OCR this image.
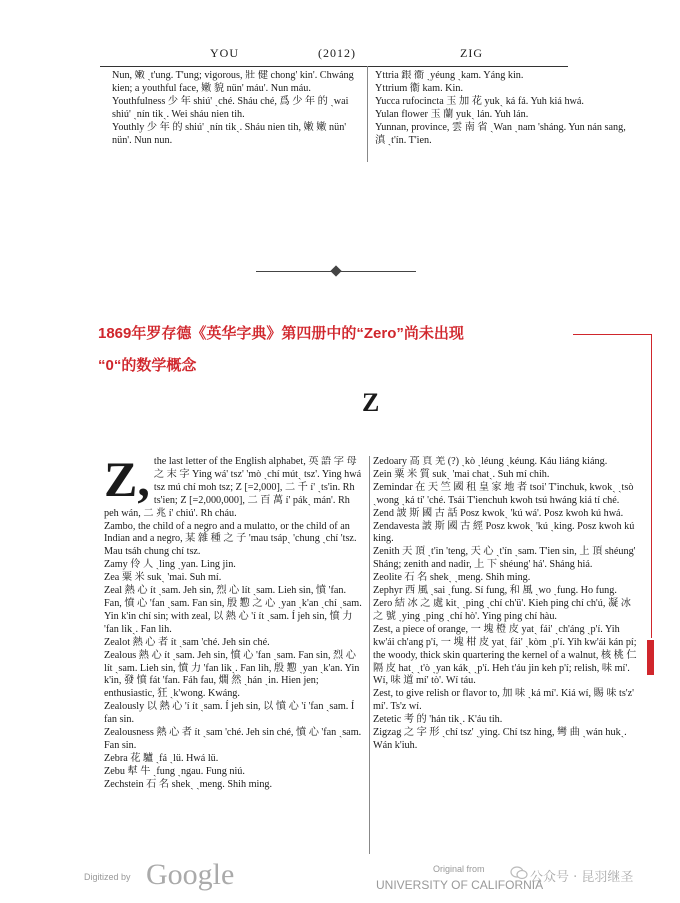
YOU	(2012)	ZIG

Nun, 嫩 ˏt'ung. T'ung; vigorous, 壯 健 chong' kin'. Chwáng kien; a youthful face, 嫩 貌 nün' máu'. Nun máu.

Youthfulness 少 年 shiú' ˏché. Sháu ché, 爲 少 年 的 ˏwai shiú' ˏnín tikˎ. Wei sháu nien tih.

Youthly 少 年 的 shiú' ˏnín tikˎ. Sháu nien tih, 嫩 嫩 nün' nün'. Nun nun.

Yttria 銀 衞 ˏyéung ˏkam. Yáng kin.

Yttrium 衞 kam. Kin.

Yucca rufocincta 玉 加 花 yukˎ ká fá. Yuh kiá hwá.

Yulan flower 玉 蘭 yukˎ lán. Yuh lán.

Yunnan, province, 雲 南 省 ˏWan ˏnam 'sháng. Yun nán sang, 滇 ˏt'ín. T'ien.

1869年罗存德《英华字典》第四册中的“Zero”尚未出现
“0“的数学概念
Z

Z, the last letter of the English alphabet, 英 語 字 母 之 末 字 Ying wá' tsz' 'mò ˏchí mútˎ tsz'. Ying hwá tsz mú chí moh tsz; Z [=2,000], 二 千 í' ˏts'in. Rh ts'ien; Z [=2,000,000], 二 百 萬 í' pákˎ mán'. Rh peh wán, 二 兆 í' chiú'. Rh cháu.

Zambo, the child of a negro and a mulatto, or the child of an Indian and a negro, 某 雜 種 之 子 'mau tsápˎ 'chung ˏchí 'tsz. Mau tsáh chung chí tsz.

Zamy 伶 人 ˏling ˏyan. Ling jin.

Zea 粟 米 sukˎ 'mai. Suh mí.

Zeal 熱 心 ít ˏsam. Jeh sin, 烈 心 lít ˏsam. Lieh sin, 憤 'fan. Fan, 憤 心 'fan ˏsam. Fan sin, 殷 懃 之 心 ˏyan ˏk'an ˏchí ˏsam. Yin k'in chí sin; with zeal, 以 熱 心 'í ít ˏsam. Í jeh sin, 憤 力 'fan likˎ. Fan lih.

Zealot 熱 心 者 ít ˏsam 'ché. Jeh sin ché.

Zealous 熱 心 ít ˏsam. Jeh sin, 憤 心 'fan ˏsam. Fan sin, 烈 心 lít ˏsam. Lieh sin, 憤 力 'fan likˎ. Fan lih, 殷 懃 ˏyan ˏk'an. Yin k'in, 發 憤 fát 'fan. Fáh fau, 燗 然 ˏhán ˏin. Hien jen; enthusiastic, 狂 ˏk'wong. Kwáng.

Zealously 以 熱 心 'í ít ˏsam. Í jeh sin, 以 憤 心 'í 'fan ˏsam. Í fan sin.

Zealousness 熱 心 者 ít ˏsam 'ché. Jeh sin ché, 憤 心 'fan ˏsam. Fan sin.

Zebra 花 驢 ˏfá ˏlü. Hwá lü.

Zebu 犎 牛 ˏfung ˏngau. Fung niú.

Zechstein 石 名 shekˎ ˏmeng. Shih ming.

Zedoary 高 頁 羌 (?) ˏkò ˏléung ˏkéung. Káu liáng kiáng.

Zein 粟 米 質 sukˎ 'mai chatˎ. Suh mí chih.

Zemindar 在 天 竺 國 租 皇 家 地 者 tsoi' T'inchuk, kwokˎ ˏtsò ˏwong ˏká tí' 'ché. Tsái T'ienchuh kwoh tsú hwáng kiá tí ché.

Zend 詖 斯 國 古 話 Posz kwokˎ 'kú wá'. Posz kwoh kú hwá.

Zendavesta 詖 斯 國 古 經 Posz kwokˎ 'kú ˏking. Posz kwoh kú king.

Zenith 天 頂 ˏt'in 'teng, 天 心 ˏt'ín ˏsam. T'ien sin, 上 頂 shéung' Sháng; zenith and nadir, 上 下 shéung' há'. Sháng hiá.

Zeolite 石 名 shekˎ ˏmeng. Shih ming.

Zephyr 西 風 ˏsai ˏfung. Sí fung, 和 風 ˏwo ˏfung. Ho fung.

Zero 結 冰 之 處 kitˎ ˏping ˏchí ch'ü'. Kieh ping chí ch'ú, 凝 冰 之 號 ˏying ˏping ˏchí hò'. Ying ping chí hàu.

Zest, a piece of orange, 一 塊 橙 皮 yatˎ fái' ˏch'áng ˏp'í. Yih kw'ái ch'ang p'í, 一 塊 柑 皮 yatˎ fái' ˏkòm ˏp'í. Yih kw'ái kán pí; the woody, thick skin quartering the kernel of a walnut, 核 桃 仁 隔 皮 hatˎ ˏt'ò ˏyan kákˎ ˏp'í. Heh t'áu jin keh p'í; relish, 味 mí'. Wí, 味 道 mí' tò'. Wí táu.

Zest, to give relish or flavor to, 加 味 ˏká mí'. Kiá wí, 賜 味 ts'z' mí'. Ts'z wí.

Zetetic 考 的 'hán tikˎ. K'áu tih.

Zigzag 之 字 形 ˏchí tsz' ˏying. Chí tsz hing, 彎 曲 ˏwán hukˎ. Wán k'iuh.

Digitized by Google	Original from
UNIVERSITY OF CALIFORNIA
公众号 · 昆羽继圣
